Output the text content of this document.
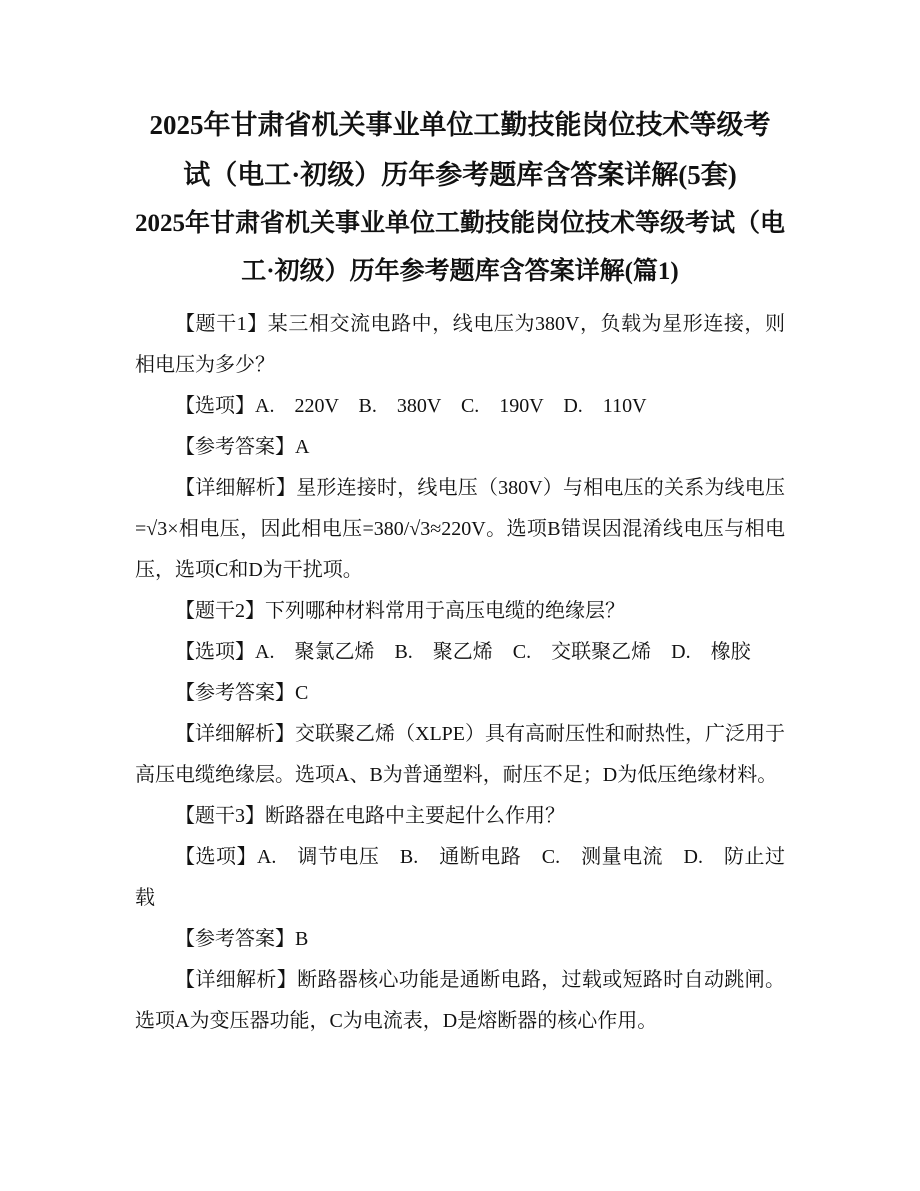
2025年甘肃省机关事业单位工勤技能岗位技术等级考
试（电工·初级）历年参考题库含答案详解(5套)
2025年甘肃省机关事业单位工勤技能岗位技术等级考试（电
工·初级）历年参考题库含答案详解(篇1)

【题干1】某三相交流电路中，线电压为380V，负载为星形连接，则相电压为多少？

【选项】A.　220V　B.　380V　C.　190V　D.　110V

【参考答案】A

【详细解析】星形连接时，线电压（380V）与相电压的关系为线电压=√3×相电压，因此相电压=380/√3≈220V。选项B错误因混淆线电压与相电压，选项C和D为干扰项。

【题干2】下列哪种材料常用于高压电缆的绝缘层？

【选项】A.　聚氯乙烯　B.　聚乙烯　C.　交联聚乙烯　D.　橡胶

【参考答案】C

【详细解析】交联聚乙烯（XLPE）具有高耐压性和耐热性，广泛用于高压电缆绝缘层。选项A、B为普通塑料，耐压不足；D为低压绝缘材料。

【题干3】断路器在电路中主要起什么作用？

【选项】A.　调节电压　B.　通断电路　C.　测量电流　D.　防止过载

【参考答案】B

【详细解析】断路器核心功能是通断电路，过载或短路时自动跳闸。选项A为变压器功能，C为电流表，D是熔断器的核心作用。
